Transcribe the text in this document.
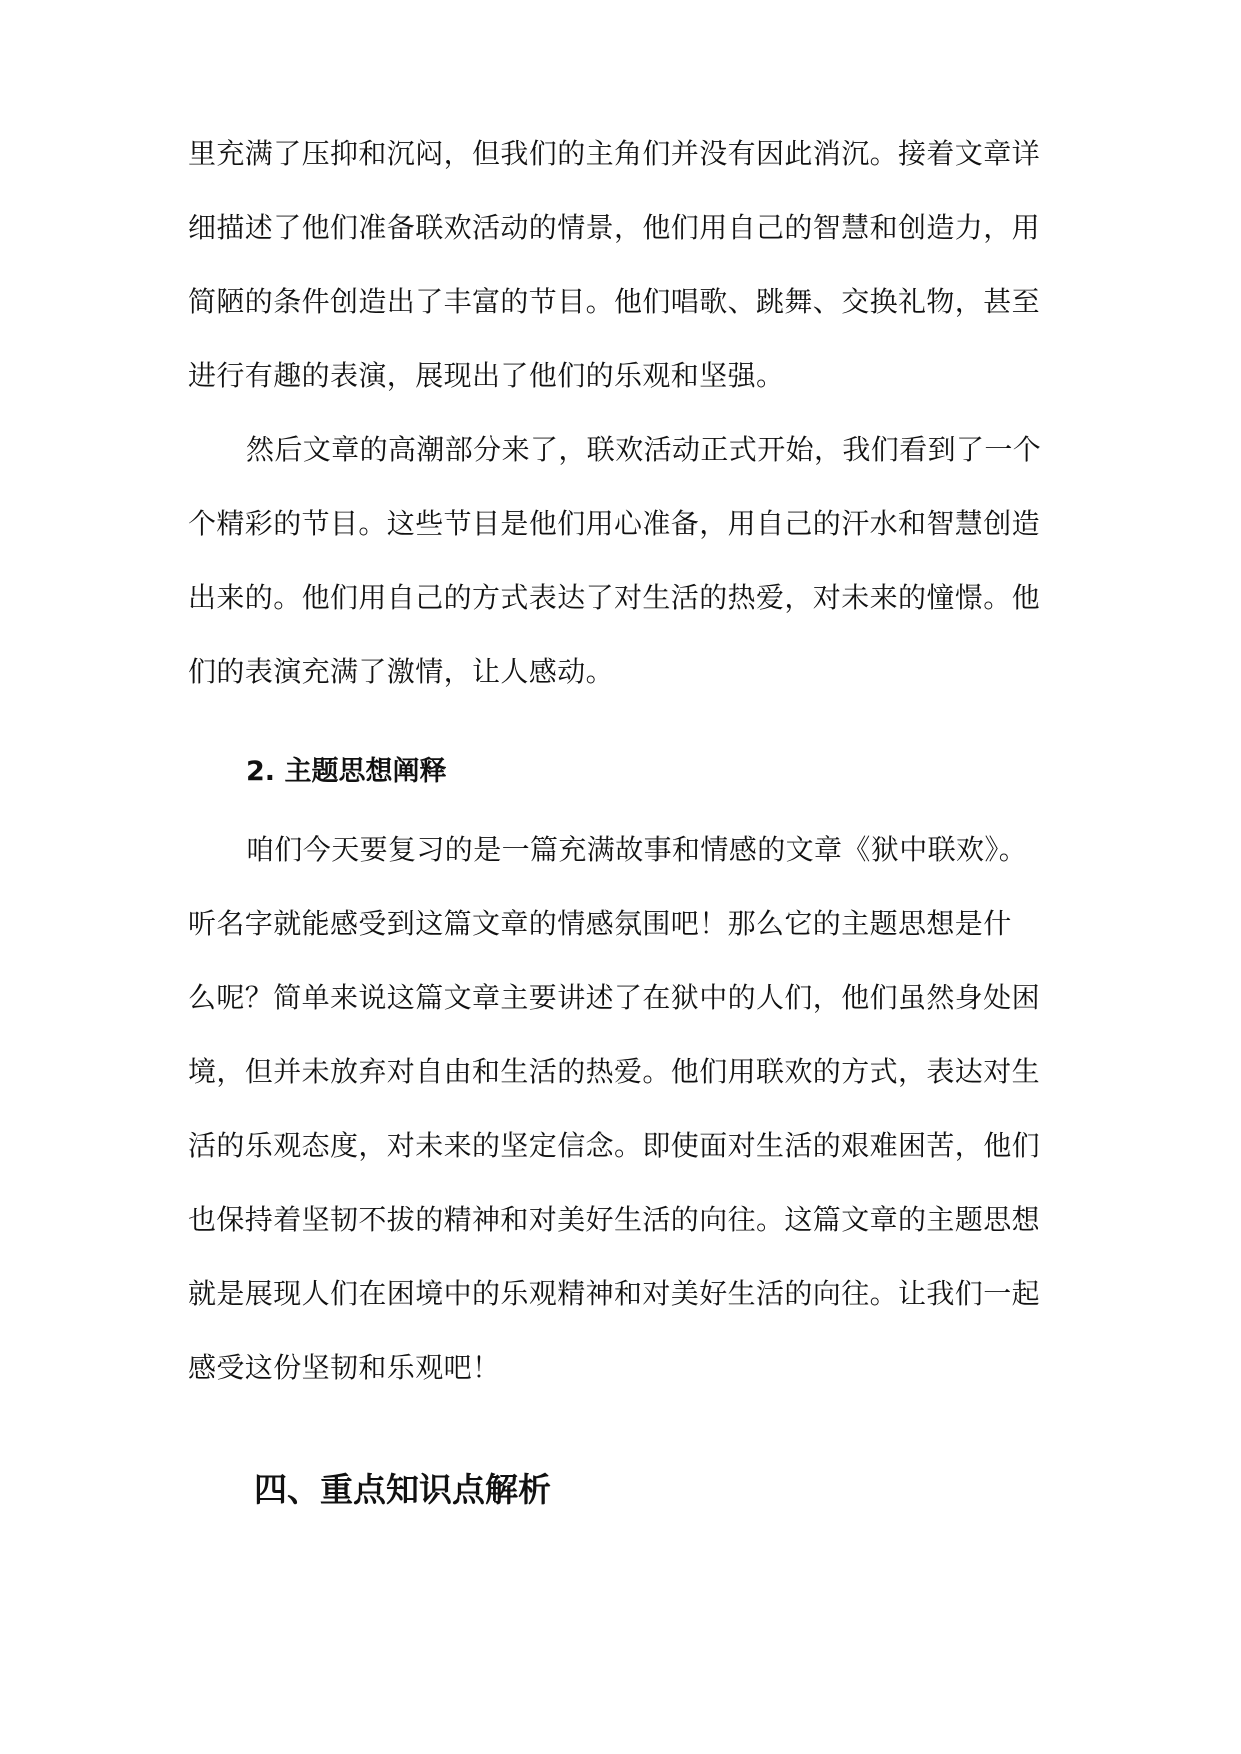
里充满了压抑和沉闷，但我们的主角们并没有因此消沉。接着文章详
细描述了他们准备联欢活动的情景，他们用自己的智慧和创造力，用
简陋的条件创造出了丰富的节目。他们唱歌、跳舞、交换礼物，甚至
进行有趣的表演，展现出了他们的乐观和坚强。
然后文章的高潮部分来了，联欢活动正式开始，我们看到了一个
个精彩的节目。这些节目是他们用心准备，用自己的汗水和智慧创造
出来的。他们用自己的方式表达了对生活的热爱，对未来的憧憬。他
们的表演充满了激情，让人感动。
2. 主题思想阐释
咱们今天要复习的是一篇充满故事和情感的文章《狱中联欢》。
听名字就能感受到这篇文章的情感氛围吧！那么它的主题思想是什
么呢？简单来说这篇文章主要讲述了在狱中的人们，他们虽然身处困
境，但并未放弃对自由和生活的热爱。他们用联欢的方式，表达对生
活的乐观态度，对未来的坚定信念。即使面对生活的艰难困苦，他们
也保持着坚韧不拔的精神和对美好生活的向往。这篇文章的主题思想
就是展现人们在困境中的乐观精神和对美好生活的向往。让我们一起
感受这份坚韧和乐观吧！
四、重点知识点解析
